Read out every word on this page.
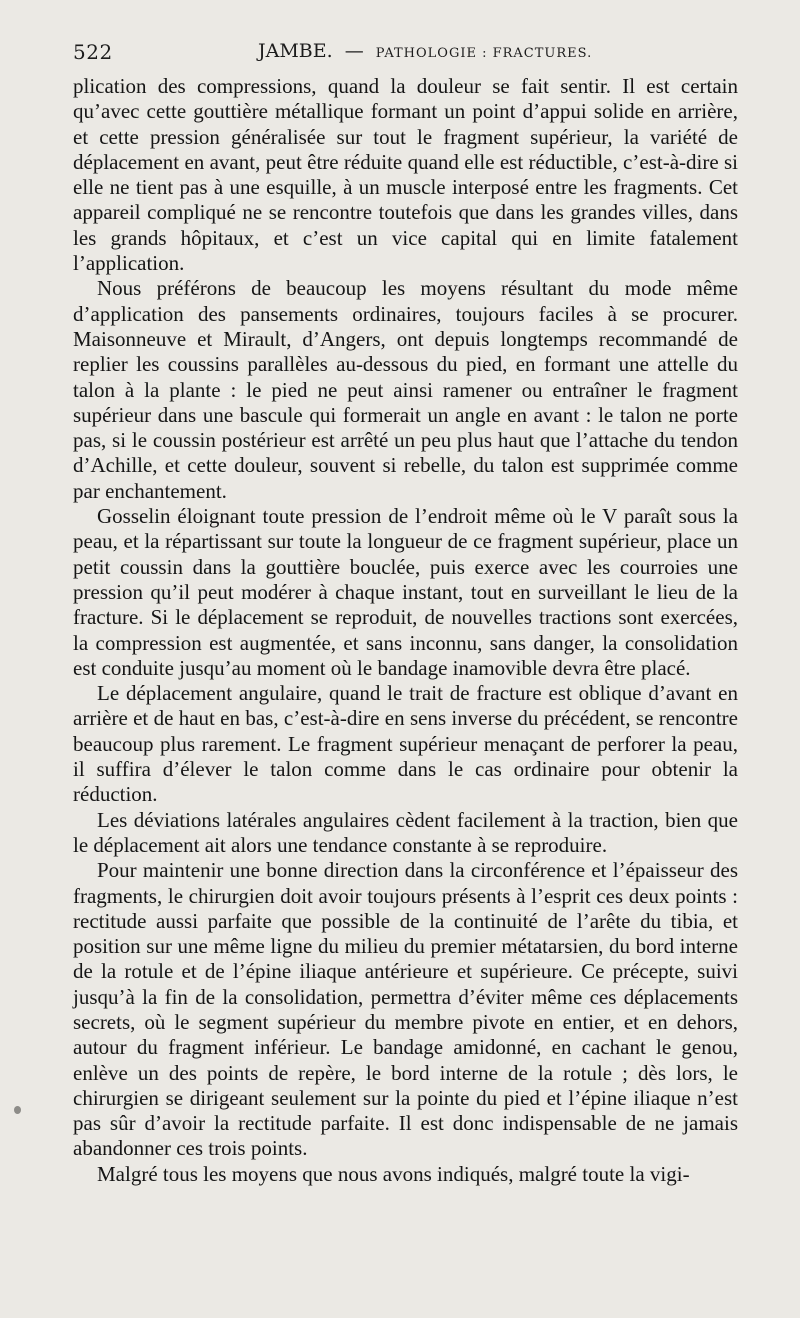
522	JAMBE. — PATHOLOGIE : FRACTURES.

plication des compressions, quand la douleur se fait sentir. Il est certain qu’avec cette gouttière métallique formant un point d’appui solide en arrière, et cette pression généralisée sur tout le fragment supérieur, la variété de déplacement en avant, peut être réduite quand elle est réductible, c’est-à-dire si elle ne tient pas à une esquille, à un muscle interposé entre les fragments. Cet appareil compliqué ne se rencontre toutefois que dans les grandes villes, dans les grands hôpitaux, et c’est un vice capital qui en limite fatalement l’application.

Nous préférons de beaucoup les moyens résultant du mode même d’application des pansements ordinaires, toujours faciles à se procurer. Maisonneuve et Mirault, d’Angers, ont depuis longtemps recommandé de replier les coussins parallèles au-dessous du pied, en formant une attelle du talon à la plante : le pied ne peut ainsi ramener ou entraîner le fragment supérieur dans une bascule qui formerait un angle en avant : le talon ne porte pas, si le coussin postérieur est arrêté un peu plus haut que l’attache du tendon d’Achille, et cette douleur, souvent si rebelle, du talon est supprimée comme par enchantement.

Gosselin éloignant toute pression de l’endroit même où le V paraît sous la peau, et la répartissant sur toute la longueur de ce fragment supérieur, place un petit coussin dans la gouttière bouclée, puis exerce avec les courroies une pression qu’il peut modérer à chaque instant, tout en surveillant le lieu de la fracture. Si le déplacement se reproduit, de nouvelles tractions sont exercées, la compression est augmentée, et sans inconnu, sans danger, la consolidation est conduite jusqu’au moment où le bandage inamovible devra être placé.

Le déplacement angulaire, quand le trait de fracture est oblique d’avant en arrière et de haut en bas, c’est-à-dire en sens inverse du précédent, se rencontre beaucoup plus rarement. Le fragment supérieur menaçant de perforer la peau, il suffira d’élever le talon comme dans le cas ordinaire pour obtenir la réduction.

Les déviations latérales angulaires cèdent facilement à la traction, bien que le déplacement ait alors une tendance constante à se reproduire.

Pour maintenir une bonne direction dans la circonférence et l’épaisseur des fragments, le chirurgien doit avoir toujours présents à l’esprit ces deux points : rectitude aussi parfaite que possible de la continuité de l’arête du tibia, et position sur une même ligne du milieu du premier métatarsien, du bord interne de la rotule et de l’épine iliaque antérieure et supérieure. Ce précepte, suivi jusqu’à la fin de la consolidation, permettra d’éviter même ces déplacements secrets, où le segment supérieur du membre pivote en entier, et en dehors, autour du fragment inférieur. Le bandage amidonné, en cachant le genou, enlève un des points de repère, le bord interne de la rotule ; dès lors, le chirurgien se dirigeant seulement sur la pointe du pied et l’épine iliaque n’est pas sûr d’avoir la rectitude parfaite. Il est donc indispensable de ne jamais abandonner ces trois points.

Malgré tous les moyens que nous avons indiqués, malgré toute la vigi-
